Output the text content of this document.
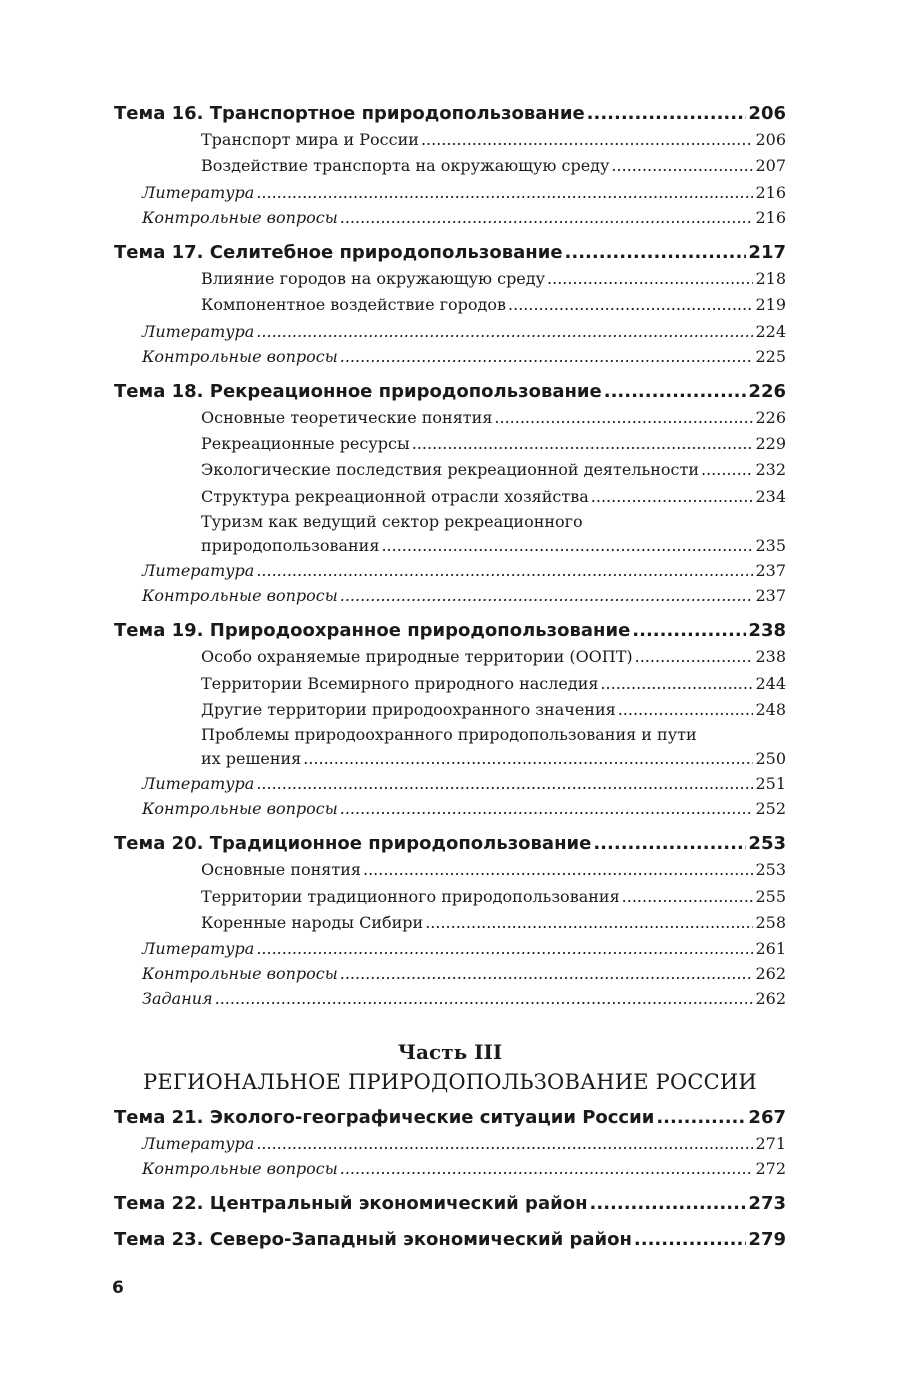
Тема 16. Транспортное природопользование .....	206
Транспорт мира и России .....	206
Воздействие транспорта на окружающую среду .....	207
Литература .....	216
Контрольные вопросы .....	216
Тема 17. Селитебное природопользование .....	217
Влияние городов на окружающую среду .....	218
Компонентное воздействие городов .....	219
Литература .....	224
Контрольные вопросы .....	225
Тема 18. Рекреационное природопользование .....	226
Основные теоретические понятия .....	226
Рекреационные ресурсы .....	229
Экологические последствия рекреационной деятельности .....	232
Структура рекреационной отрасли хозяйства .....	234
Туризм как ведущий сектор рекреационного
природопользования .....	235
Литература .....	237
Контрольные вопросы .....	237
Тема 19. Природоохранное природопользование .....	238
Особо охраняемые природные территории (ООПТ) .....	238
Территории Всемирного природного наследия .....	244
Другие территории природоохранного значения .....	248
Проблемы природоохранного природопользования и пути
их решения .....	250
Литература .....	251
Контрольные вопросы .....	252
Тема 20. Традиционное природопользование .....	253
Основные понятия .....	253
Территории традиционного природопользования .....	255
Коренные народы Сибири .....	258
Литература .....	261
Контрольные вопросы .....	262
Задания .....	262
Часть III
РЕГИОНАЛЬНОЕ ПРИРОДОПОЛЬЗОВАНИЕ РОССИИ
Тема 21. Эколого-географические ситуации России .....	267
Литература .....	271
Контрольные вопросы .....	272
Тема 22. Центральный экономический район .....	273
Тема 23. Северо-Западный экономический район .....	279
6
